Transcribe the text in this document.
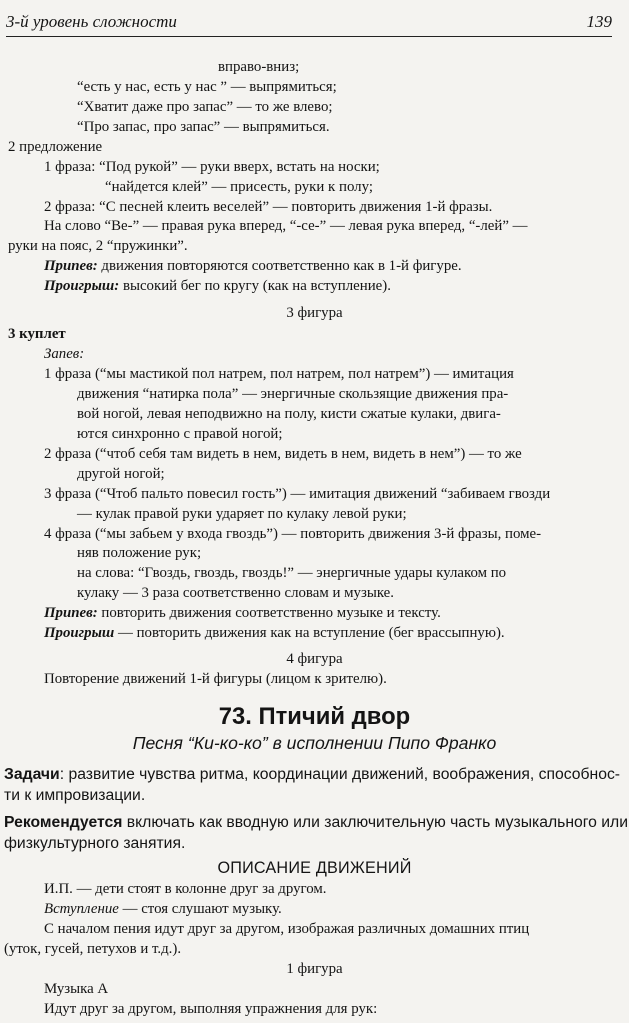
3-й уровень сложности	139
вправо-вниз;
“есть у нас, есть у нас ” — выпрямиться;
“Хватит даже про запас” — то же влево;
“Про запас, про запас” — выпрямиться.
2 предложение
1 фраза: “Под рукой” — руки вверх, встать на носки;
“найдется клей” — присесть, руки к полу;
2 фраза: “С песней клеить веселей” — повторить движения 1-й фразы.
На слово “Ве-” — правая рука вперед, “-се-” — левая рука вперед, “-лей” —
руки на пояс, 2 “пружинки”.
Припев: движения повторяются соответственно как в 1-й фигуре.
Проигрыш: высокий бег по кругу (как на вступление).
3 фигура
3 куплет
Запев:
1 фраза (“мы мастикой пол натрем, пол натрем, пол натрем”) — имитация
движения “натирка пола” — энергичные скользящие движения пра-
вой ногой, левая неподвижно на полу, кисти сжатые кулаки, двига-
ются синхронно с правой ногой;
2 фраза (“чтоб себя там видеть в нем, видеть в нем, видеть в нем”) — то же
другой ногой;
3 фраза (“Чтоб пальто повесил гость”) — имитация движений “забиваем гвозди
— кулак правой руки ударяет по кулаку левой руки;
4 фраза (“мы забьем у входа гвоздь”) — повторить движения 3-й фразы, поме-
няв положение рук;
на слова: “Гвоздь, гвоздь, гвоздь!” — энергичные удары кулаком по
кулаку — 3 раза соответственно словам и музыке.
Припев: повторить движения соответственно музыке и тексту.
Проигрыш — повторить движения как на вступление (бег врассыпную).
4 фигура
Повторение движений 1-й фигуры (лицом к зрителю).
73. Птичий двор
Песня “Ки-ко-ко” в исполнении Пипо Франко
Задачи: развитие чувства ритма, координации движений, воображения, способнос-
ти к импровизации.
Рекомендуется включать как вводную или заключительную часть музыкального или
физкультурного занятия.
ОПИСАНИЕ ДВИЖЕНИЙ
И.П. — дети стоят в колонне друг за другом.
Вступление — стоя слушают музыку.
С началом пения идут друг за другом, изображая различных домашних птиц
(уток, гусей, петухов и т.д.).
1 фигура
Музыка А
Идут друг за другом, выполняя упражнения для рук:
